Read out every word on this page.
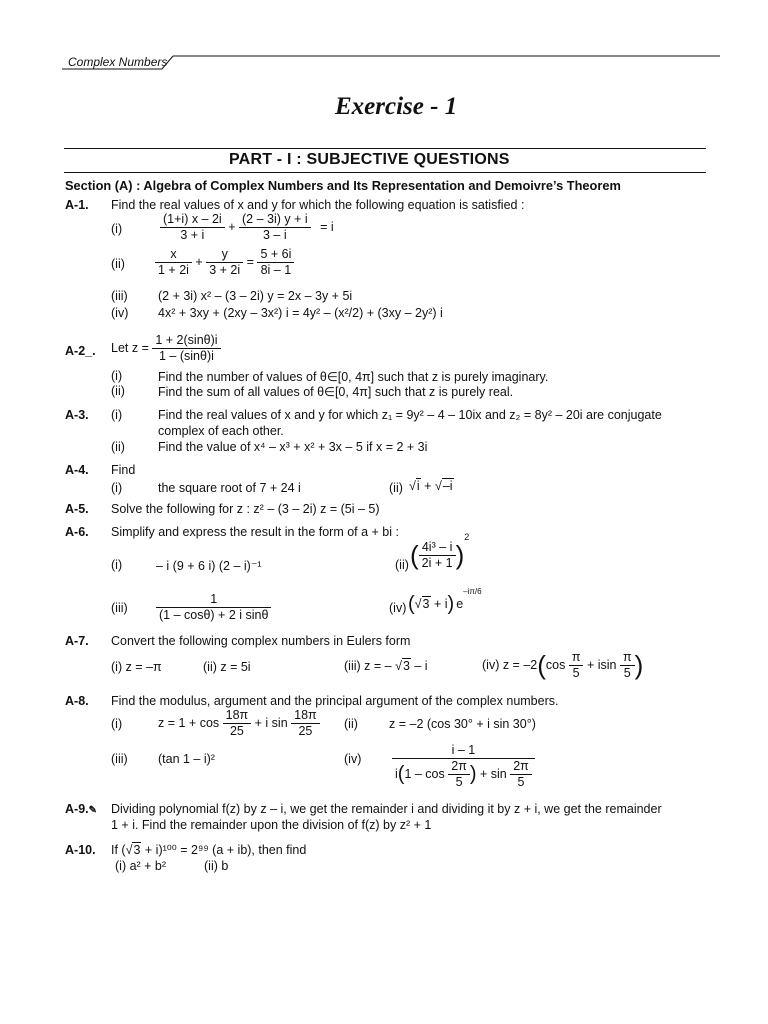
Complex Numbers
Exercise - 1
PART - I : SUBJECTIVE QUESTIONS
Section (A) : Algebra of Complex Numbers and Its Representation and Demoivre’s Theorem
A-1. Find the real values of x and y for which the following equation is satisfied :
(i)	$\frac{(1+i) x - 2i}{3 + i} + \frac{(2 - 3i) y + i}{3 - i} = i$
$(ii) \frac{x}{1 + 2i} + \frac{y}{3 + 2i} = \frac{5 + 6i}{8i - 1}$
(iii) (2 + 3i) x² – (3 – 2i) y = 2x – 3y + 5i
(iv) 4x² + 3xy + (2xy – 3x²) i = 4y² – (x²/2) + (3xy – 2y²) i
A-2_. Let $z = \frac{1 + 2(\sin\theta)i}{1 - (\sin\theta)i}$
(i)	Find the number of values of θ∈[0, 4π] such that z is purely imaginary.
(ii)	Find the sum of all values of θ∈[0, 4π] such that z is purely real.
A-3. (i)	Find the real values of x and y for which z₁ = 9y² – 4 – 10ix and z₂ = 8y² – 20i are conjugate
complex of each other.
(ii)	Find the value of x⁴ – x³ + x² + 3x – 5 if x = 2 + 3i
A-4. Find
(i)	the square root of 7 + 24 i	(ii) √i + √–i
A-5. Solve the following for z : z² – (3 – 2i) z = (5i – 5)
A-6. Simplify and express the result in the form of a + bi :
(i)	– i (9 + 6 i) (2 – i)⁻¹	(ii) ( $\frac{\text{4i³ – i}}{2i + 1} )^2$
$(iii) \frac{1}{\text{(1 – cosθ) + 2 i sinθ}}$	(iv) (√3 + i) $e^{-i\pi/6}$
A-7. Convert the following complex numbers in Eulers form
(i) z = –π	(ii) z = 5i	(iii) z = – √3 – i	(iv) $z = -2(\cos \frac{\pi}{5} + isin \frac{\pi}{5}$ )
A-8. Find the modulus, argument and the principal argument of the complex numbers.
(i)	$z = 1 + \cos \frac{18\pi}{25} + i$ $\sin \frac{18\pi}{25} (ii) z = -2$ (cos 30° + i sin 30°)
(iii) (tan 1 – i)²	$(iv) \frac{i - 1}{i(1 - \cos \frac{2\pi}{5} ) + \sin \frac{2\pi}{5}}$
A-9.✎ Dividing polynomial f(z) by z – i, we get the remainder i and dividing it by z + i, we get the remainder
1 + i. Find the remainder upon the division of f(z) by z² + 1
A-10. If (√3 + i)¹⁰⁰ = 2⁹⁹ (a + ib), then find
(i) a² + b²	(ii) b
